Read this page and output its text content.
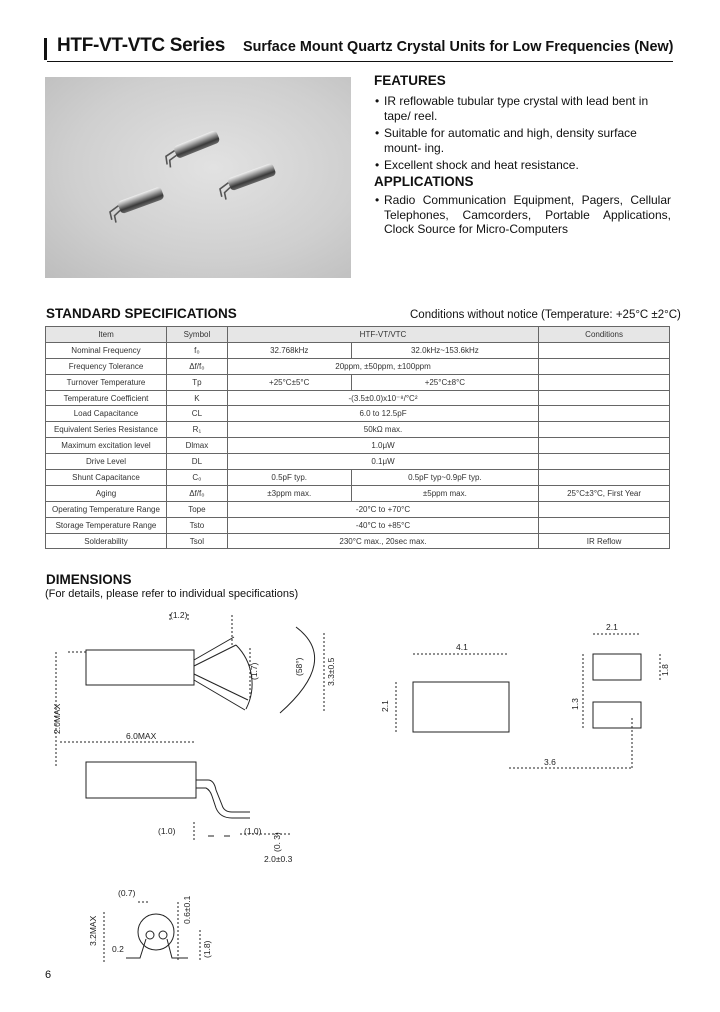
HTF-VT-VTC Series Surface Mount Quartz Crystal Units for Low Frequencies (New)
FEATURES
• IR reflowable tubular type crystal with lead bent in tape/ reel.
• Suitable for automatic and high, density surface mount- ing.
• Excellent shock and heat resistance.
APPLICATIONS
• Radio Communication Equipment, Pagers, Cellular Telephones, Camcorders, Portable Applications, Clock Source for Micro-Computers
STANDARD SPECIFICATIONS	Conditions without notice (Temperature: +25°C ±2°C)
Item	Symbol	HTF-VT/VTC		Conditions
Nominal Frequency	f₀	32.768kHz	32.0kHz~153.6kHz	
Frequency Tolerance	Δf/f₀	20ppm, ±50ppm, ±100ppm		
Turnover Temperature	Tp	+25°C±5°C	+25°C±8°C	
Temperature Coefficient	K	-(3.5±0.0)x10⁻⁸/°C²		
Load Capacitance	CL	6.0 to 12.5pF		
Equivalent Series Resistance	R₁	50kΩ max.		
Maximum excitation level	Dlmax	1.0μW		
Drive Level	DL	0.1μW		
Shunt Capacitance	C₀	0.5pF typ.	0.5pF typ~0.9pF typ.	
Aging	Δf/f₀	±3ppm max.	±5ppm max.	25°C±3°C, First Year
Operating Temperature Range	Tope	-20°C to +70°C		
Storage Temperature Range	Tsto	-40°C to +85°C		
Solderability	Tsol	230°C max., 20sec max.		IR Reflow
DIMENSIONS
(For details, please refer to individual specifications)
(1.2)
(1.7)	(58°)	3.3±0.5
2.0MAX
6.0MAX
(1.0)	(1.0)
(0. 3)
2.0±0.3
(0.7)
3.2MAX
0.6±0.1
(1.8)
0.2
4.1
2.1
2.1
1.8
1.3
3.6
6
